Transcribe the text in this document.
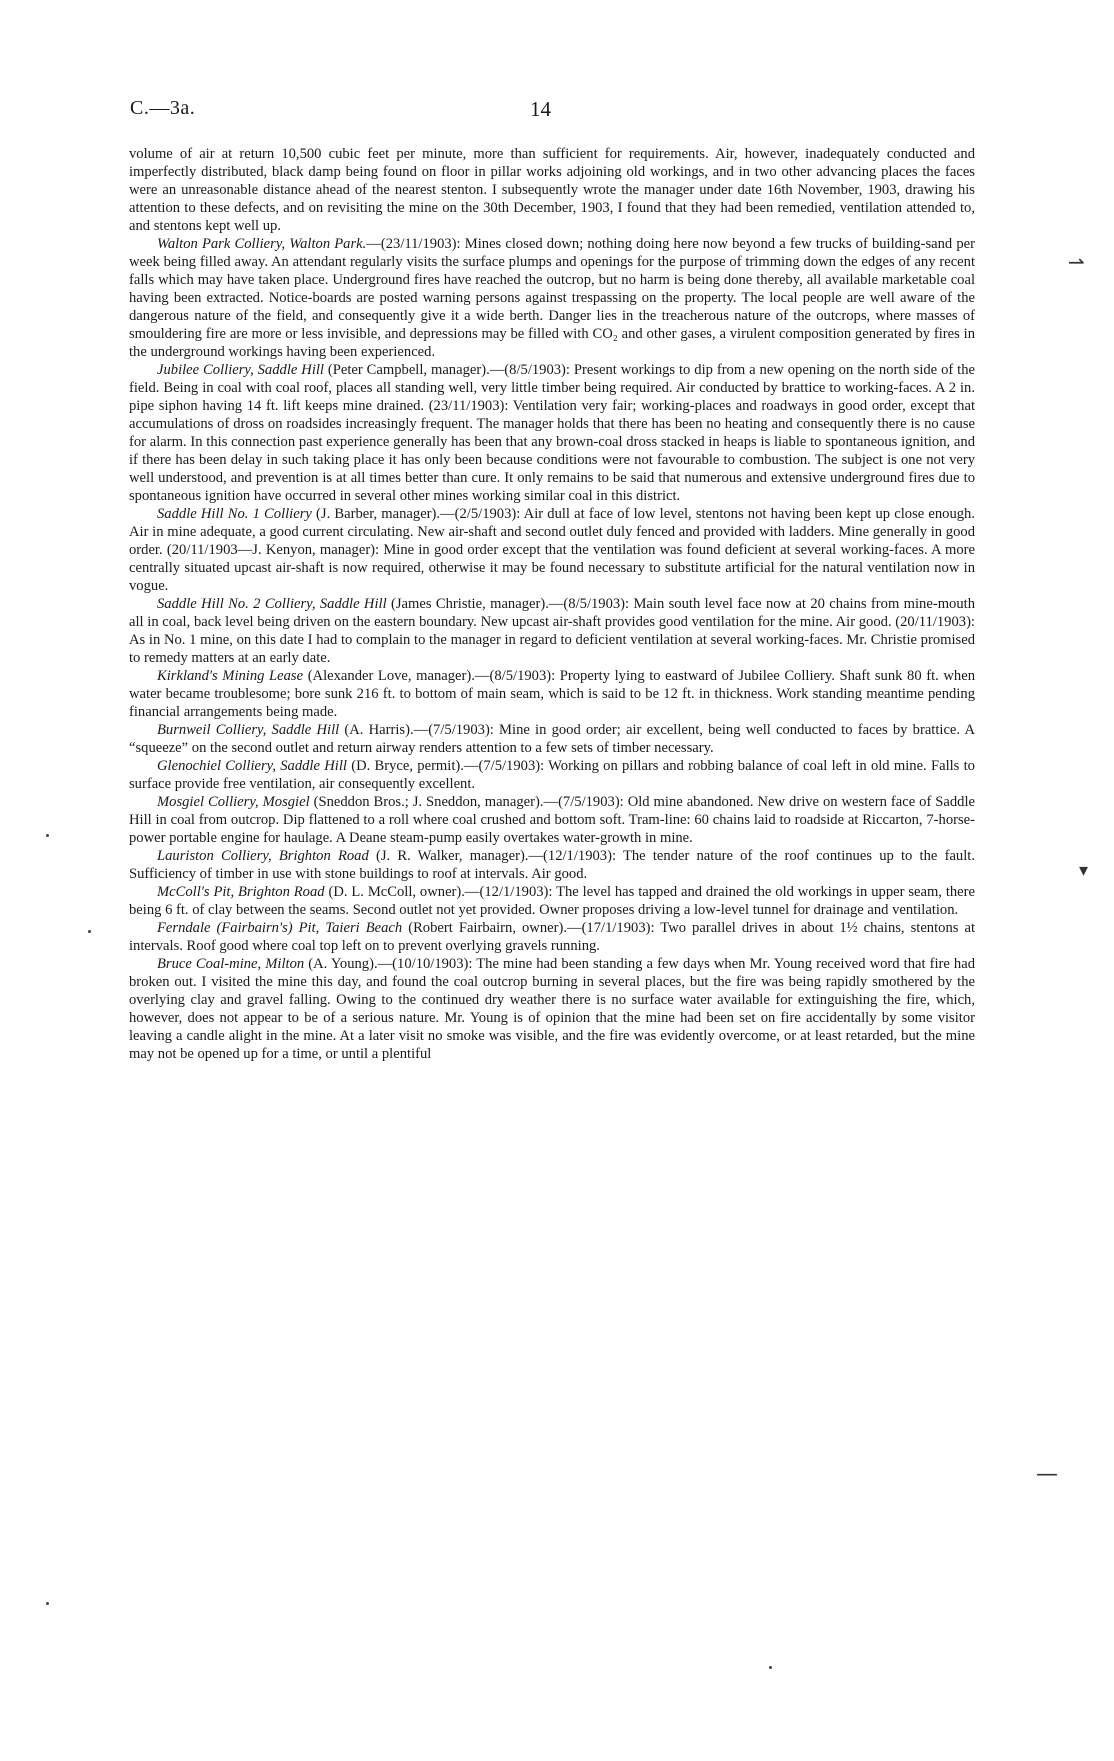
C.—3a.	14

volume of air at return 10,500 cubic feet per minute, more than sufficient for requirements. Air, however, inadequately conducted and imperfectly distributed, black damp being found on floor in pillar works adjoining old workings, and in two other advancing places the faces were an unreasonable distance ahead of the nearest stenton. I subsequently wrote the manager under date 16th November, 1903, drawing his attention to these defects, and on revisiting the mine on the 30th December, 1903, I found that they had been remedied, ventilation attended to, and stentons kept well up.

Walton Park Colliery, Walton Park.—(23/11/1903): Mines closed down; nothing doing here now beyond a few trucks of building-sand per week being filled away. An attendant regularly visits the surface plumps and openings for the purpose of trimming down the edges of any recent falls which may have taken place. Underground fires have reached the outcrop, but no harm is being done thereby, all available marketable coal having been extracted. Notice-boards are posted warning persons against trespassing on the property. The local people are well aware of the dangerous nature of the field, and consequently give it a wide berth. Danger lies in the treacherous nature of the outcrops, where masses of smouldering fire are more or less invisible, and depressions may be filled with CO₂ and other gases, a virulent composition generated by fires in the underground workings having been experienced.

Jubilee Colliery, Saddle Hill (Peter Campbell, manager).—(8/5/1903): Present workings to dip from a new opening on the north side of the field. Being in coal with coal roof, places all standing well, very little timber being required. Air conducted by brattice to working-faces. A 2 in. pipe siphon having 14 ft. lift keeps mine drained. (23/11/1903): Ventilation very fair; working-places and roadways in good order, except that accumulations of dross on roadsides increasingly frequent. The manager holds that there has been no heating and consequently there is no cause for alarm. In this connection past experience generally has been that any brown-coal dross stacked in heaps is liable to spontaneous ignition, and if there has been delay in such taking place it has only been because conditions were not favourable to combustion. The subject is one not very well understood, and prevention is at all times better than cure. It only remains to be said that numerous and extensive underground fires due to spontaneous ignition have occurred in several other mines working similar coal in this district.

Saddle Hill No. 1 Colliery (J. Barber, manager).—(2/5/1903): Air dull at face of low level, stentons not having been kept up close enough. Air in mine adequate, a good current circulating. New air-shaft and second outlet duly fenced and provided with ladders. Mine generally in good order. (20/11/1903—J. Kenyon, manager): Mine in good order except that the ventilation was found deficient at several working-faces. A more centrally situated upcast air-shaft is now required, otherwise it may be found necessary to substitute artificial for the natural ventilation now in vogue.

Saddle Hill No. 2 Colliery, Saddle Hill (James Christie, manager).—(8/5/1903): Main south level face now at 20 chains from mine-mouth all in coal, back level being driven on the eastern boundary. New upcast air-shaft provides good ventilation for the mine. Air good. (20/11/1903): As in No. 1 mine, on this date I had to complain to the manager in regard to deficient ventilation at several working-faces. Mr. Christie promised to remedy matters at an early date.

Kirkland's Mining Lease (Alexander Love, manager).—(8/5/1903): Property lying to eastward of Jubilee Colliery. Shaft sunk 80 ft. when water became troublesome; bore sunk 216 ft. to bottom of main seam, which is said to be 12 ft. in thickness. Work standing meantime pending financial arrangements being made.

Burnweil Colliery, Saddle Hill (A. Harris).—(7/5/1903): Mine in good order; air excellent, being well conducted to faces by brattice. A “squeeze” on the second outlet and return airway renders attention to a few sets of timber necessary.

Glenochiel Colliery, Saddle Hill (D. Bryce, permit).—(7/5/1903): Working on pillars and robbing balance of coal left in old mine. Falls to surface provide free ventilation, air consequently excellent.

Mosgiel Colliery, Mosgiel (Sneddon Bros.; J. Sneddon, manager).—(7/5/1903): Old mine abandoned. New drive on western face of Saddle Hill in coal from outcrop. Dip flattened to a roll where coal crushed and bottom soft. Tram-line: 60 chains laid to roadside at Riccarton, 7-horse-power portable engine for haulage. A Deane steam-pump easily overtakes water-growth in mine.

Lauriston Colliery, Brighton Road (J. R. Walker, manager).—(12/1/1903): The tender nature of the roof continues up to the fault. Sufficiency of timber in use with stone buildings to roof at intervals. Air good.

McColl's Pit, Brighton Road (D. L. McColl, owner).—(12/1/1903): The level has tapped and drained the old workings in upper seam, there being 6 ft. of clay between the seams. Second outlet not yet provided. Owner proposes driving a low-level tunnel for drainage and ventilation.

Ferndale (Fairbairn's) Pit, Taieri Beach (Robert Fairbairn, owner).—(17/1/1903): Two parallel drives in about 1½ chains, stentons at intervals. Roof good where coal top left on to prevent overlying gravels running.

Bruce Coal-mine, Milton (A. Young).—(10/10/1903): The mine had been standing a few days when Mr. Young received word that fire had broken out. I visited the mine this day, and found the coal outcrop burning in several places, but the fire was being rapidly smothered by the overlying clay and gravel falling. Owing to the continued dry weather there is no surface water available for extinguishing the fire, which, however, does not appear to be of a serious nature. Mr. Young is of opinion that the mine had been set on fire accidentally by some visitor leaving a candle alight in the mine. At a later visit no smoke was visible, and the fire was evidently overcome, or at least retarded, but the mine may not be opened up for a time, or until a plentiful

⇀
▾
—
